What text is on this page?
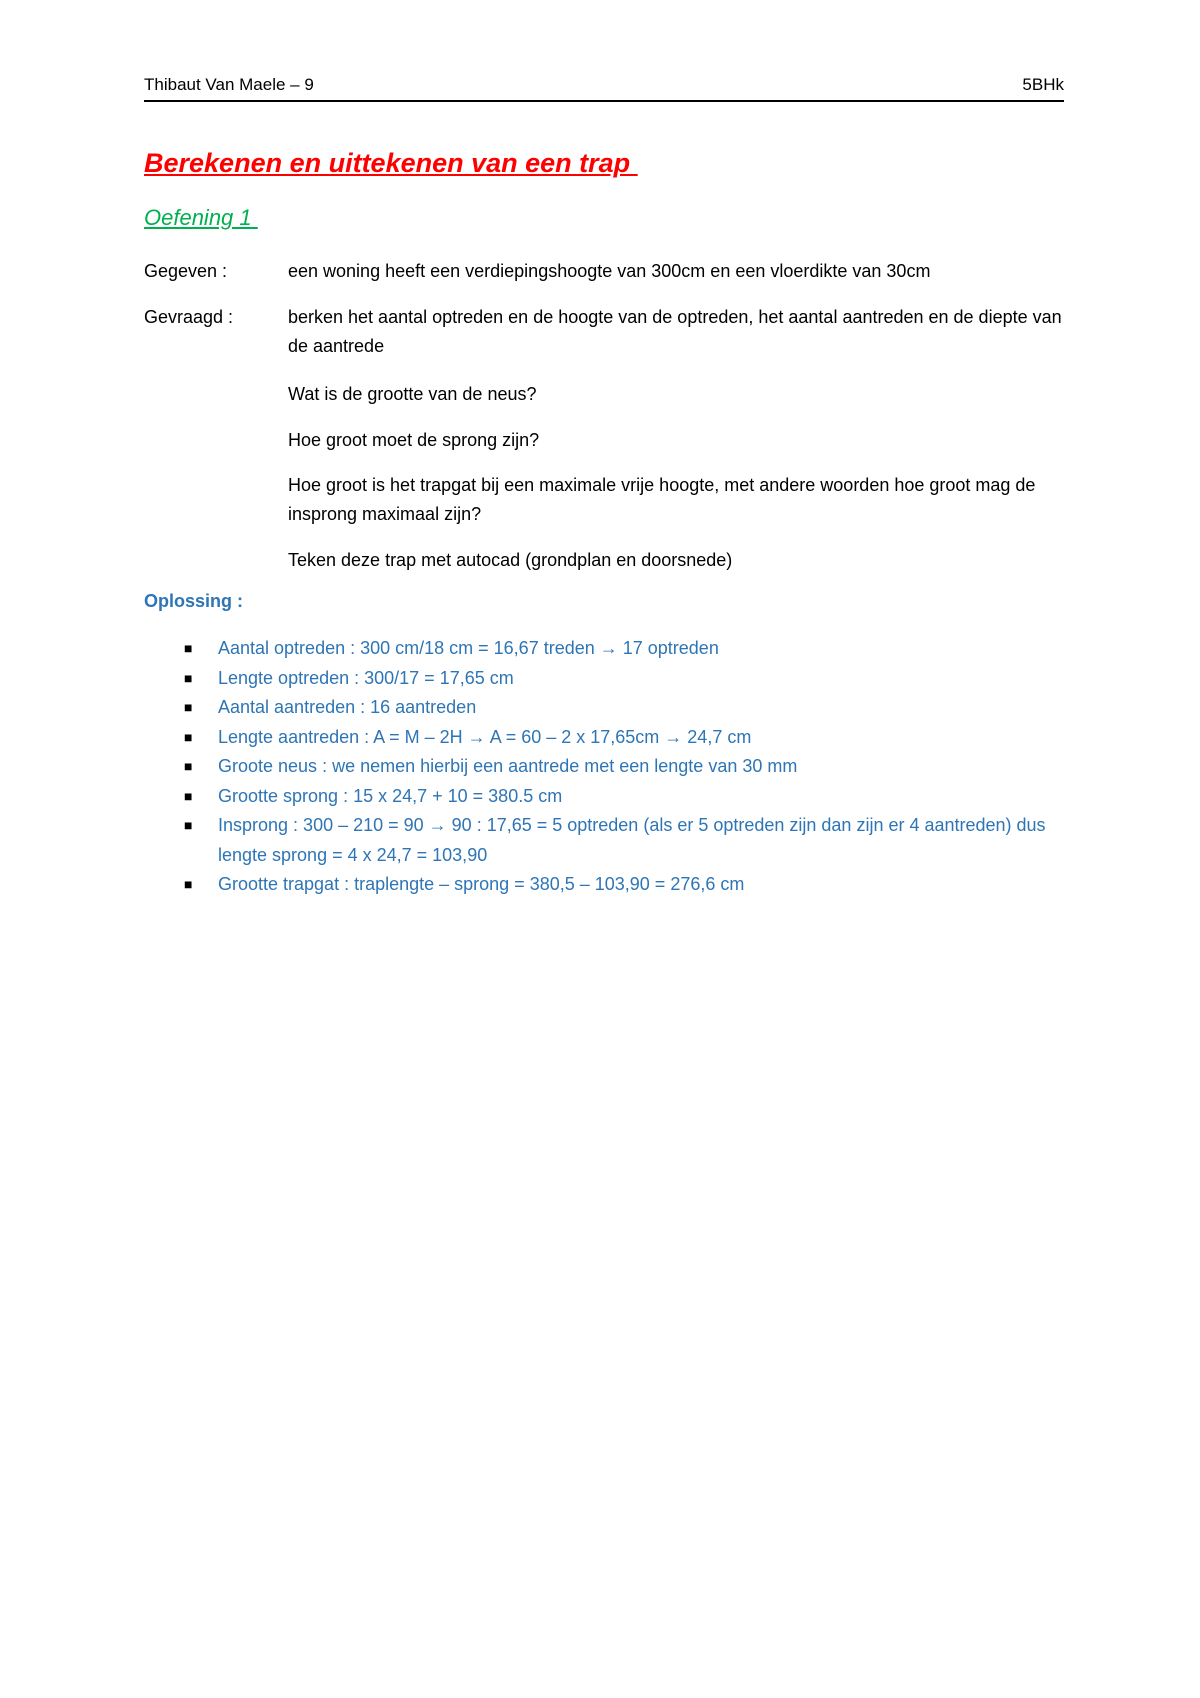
Thibaut Van Maele – 9	5BHk
Berekenen en uittekenen van een trap
Oefening 1
Gegeven :	een woning heeft een verdiepingshoogte van 300cm en een vloerdikte van 30cm
Gevraagd :	berken het aantal optreden en de hoogte van de optreden, het aantal aantreden en de diepte van de aantrede
Wat is de grootte van de neus?
Hoe groot moet de sprong zijn?
Hoe groot is het trapgat bij een maximale vrije hoogte, met andere woorden hoe groot mag de insprong maximaal zijn?
Teken deze trap met autocad (grondplan en doorsnede)
Oplossing :
■ Aantal optreden : 300 cm/18 cm = 16,67 treden → 17 optreden
■ Lengte optreden : 300/17 = 17,65 cm
■ Aantal aantreden : 16 aantreden
■ Lengte aantreden : A = M – 2H → A = 60 – 2 x 17,65cm → 24,7 cm
■ Groote neus : we nemen hierbij een aantrede met een lengte van 30 mm
■ Grootte sprong : 15 x 24,7 + 10 = 380.5 cm
■ Insprong : 300 – 210 = 90 → 90 : 17,65 = 5 optreden (als er 5 optreden zijn dan zijn er 4 aantreden) dus lengte sprong = 4 x 24,7 = 103,90
■ Grootte trapgat : traplengte – sprong = 380,5 – 103,90 = 276,6 cm
